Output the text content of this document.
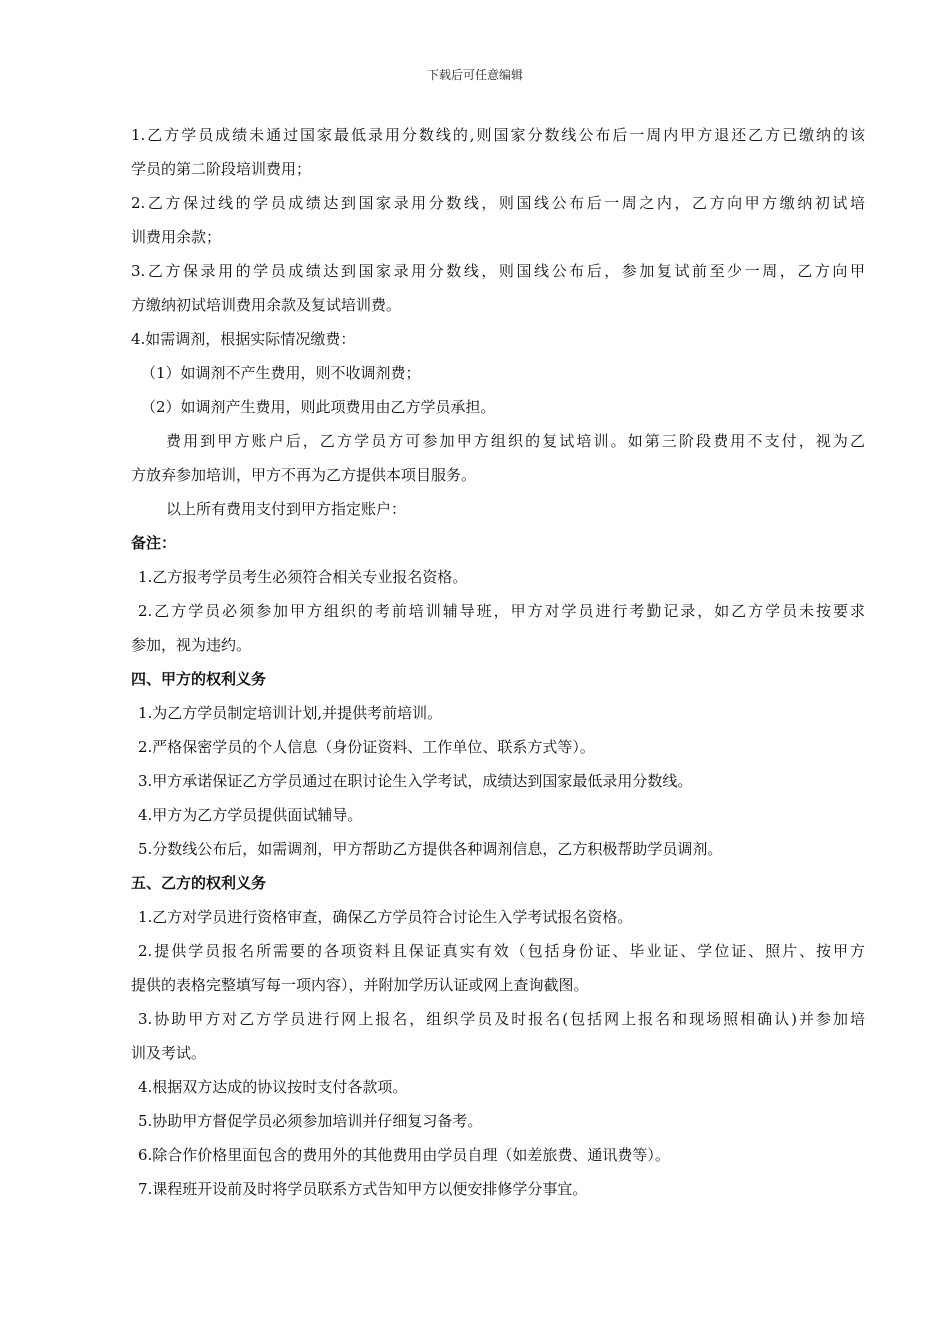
下载后可任意编辑
1.乙方学员成绩未通过国家最低录用分数线的,则国家分数线公布后一周内甲方退还乙方已缴纳的该
学员的第二阶段培训费用；
2.乙方保过线的学员成绩达到国家录用分数线，则国线公布后一周之内，乙方向甲方缴纳初试培
训费用余款；
3.乙方保录用的学员成绩达到国家录用分数线，则国线公布后，参加复试前至少一周，乙方向甲
方缴纳初试培训费用余款及复试培训费。
4.如需调剂，根据实际情况缴费：
（1）如调剂不产生费用，则不收调剂费；
（2）如调剂产生费用，则此项费用由乙方学员承担。
费用到甲方账户后，乙方学员方可参加甲方组织的复试培训。如第三阶段费用不支付，视为乙
方放弃参加培训，甲方不再为乙方提供本项目服务。
以上所有费用支付到甲方指定账户：
备注：
1.乙方报考学员考生必须符合相关专业报名资格。
2.乙方学员必须参加甲方组织的考前培训辅导班，甲方对学员进行考勤记录，如乙方学员未按要求
参加，视为违约。
四、甲方的权利义务
1.为乙方学员制定培训计划,并提供考前培训。
2.严格保密学员的个人信息（身份证资料、工作单位、联系方式等）。
3.甲方承诺保证乙方学员通过在职讨论生入学考试，成绩达到国家最低录用分数线。
4.甲方为乙方学员提供面试辅导。
5.分数线公布后，如需调剂，甲方帮助乙方提供各种调剂信息，乙方积极帮助学员调剂。
五、乙方的权利义务
1.乙方对学员进行资格审查，确保乙方学员符合讨论生入学考试报名资格。
2.提供学员报名所需要的各项资料且保证真实有效（包括身份证、毕业证、学位证、照片、按甲方
提供的表格完整填写每一项内容），并附加学历认证或网上查询截图。
3.协助甲方对乙方学员进行网上报名，组织学员及时报名(包括网上报名和现场照相确认)并参加培
训及考试。
4.根据双方达成的协议按时支付各款项。
5.协助甲方督促学员必须参加培训并仔细复习备考。
6.除合作价格里面包含的费用外的其他费用由学员自理（如差旅费、通讯费等）。
7.课程班开设前及时将学员联系方式告知甲方以便安排修学分事宜。
